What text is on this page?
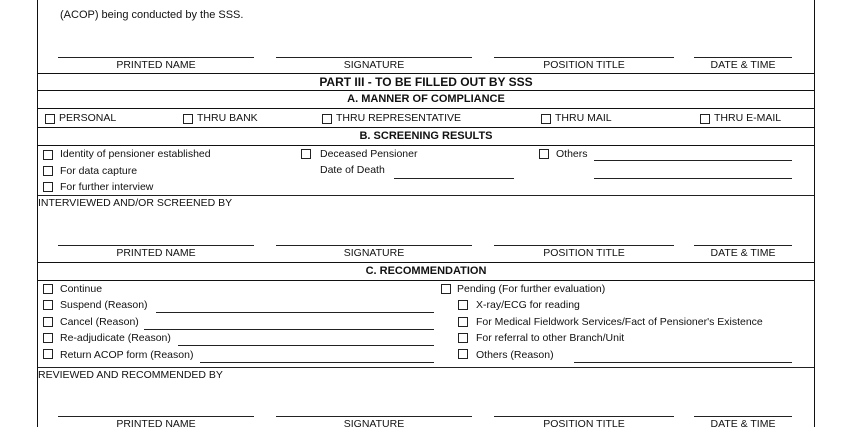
(ACOP) being conducted by the SSS.
PRINTED NAME	SIGNATURE	POSITION TITLE	DATE & TIME
PART III - TO BE FILLED OUT BY SSS
A. MANNER OF COMPLIANCE
PERSONAL	THRU BANK	THRU REPRESENTATIVE	THRU MAIL	THRU E-MAIL
B. SCREENING RESULTS
Identity of pensioner established
For data capture
For further interview
Deceased Pensioner
Date of Death
Others
INTERVIEWED AND/OR SCREENED BY
PRINTED NAME	SIGNATURE	POSITION TITLE	DATE & TIME
C. RECOMMENDATION
Continue
Suspend (Reason)
Cancel (Reason)
Re-adjudicate (Reason)
Return ACOP form (Reason)
Pending (For further evaluation)
X-ray/ECG for reading
For Medical Fieldwork Services/Fact of Pensioner's Existence
For referral to other Branch/Unit
Others (Reason)
REVIEWED AND RECOMMENDED BY
PRINTED NAME	SIGNATURE	POSITION TITLE	DATE & TIME
